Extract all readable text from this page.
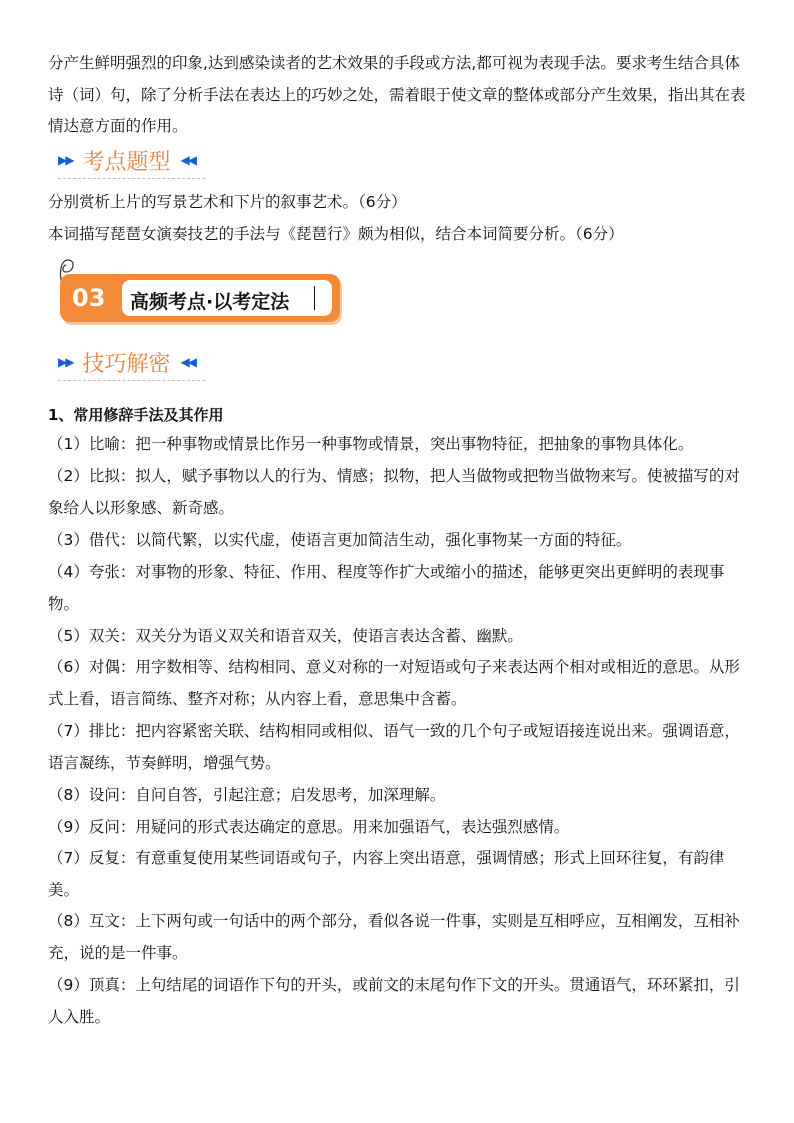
分产生鲜明强烈的印象,达到感染读者的艺术效果的手段或方法,都可视为表现手法。要求考生结合具体诗（词）句，除了分析手法在表达上的巧妙之处，需着眼于使文章的整体或部分产生效果，指出其在表情达意方面的作用。

▶▶ 考点题型 ◀◀

分别赏析上片的写景艺术和下片的叙事艺术。（6分）

本词描写琵琶女演奏技艺的手法与《琵琶行》颇为相似，结合本词简要分析。（6分）

03 高频考点·以考定法
▶▶ 技巧解密 ◀◀

1、常用修辞手法及其作用

（1）比喻：把一种事物或情景比作另一种事物或情景，突出事物特征，把抽象的事物具体化。

（2）比拟：拟人，赋予事物以人的行为、情感；拟物，把人当做物或把物当做物来写。使被描写的对象给人以形象感、新奇感。

（3）借代：以简代繁，以实代虚，使语言更加简洁生动，强化事物某一方面的特征。

（4）夸张：对事物的形象、特征、作用、程度等作扩大或缩小的描述，能够更突出更鲜明的表现事物。

（5）双关：双关分为语义双关和语音双关，使语言表达含蓄、幽默。

（6）对偶：用字数相等、结构相同、意义对称的一对短语或句子来表达两个相对或相近的意思。从形式上看，语言简练、整齐对称；从内容上看，意思集中含蓄。

（7）排比：把内容紧密关联、结构相同或相似、语气一致的几个句子或短语接连说出来。强调语意，语言凝练，节奏鲜明，增强气势。

（8）设问：自问自答，引起注意；启发思考，加深理解。

（9）反问：用疑问的形式表达确定的意思。用来加强语气，表达强烈感情。

（7）反复：有意重复使用某些词语或句子，内容上突出语意，强调情感；形式上回环往复，有韵律美。

（8）互文：上下两句或一句话中的两个部分，看似各说一件事，实则是互相呼应，互相阐发，互相补充，说的是一件事。

（9）顶真：上句结尾的词语作下句的开头，或前文的末尾句作下文的开头。贯通语气，环环紧扣，引人入胜。
